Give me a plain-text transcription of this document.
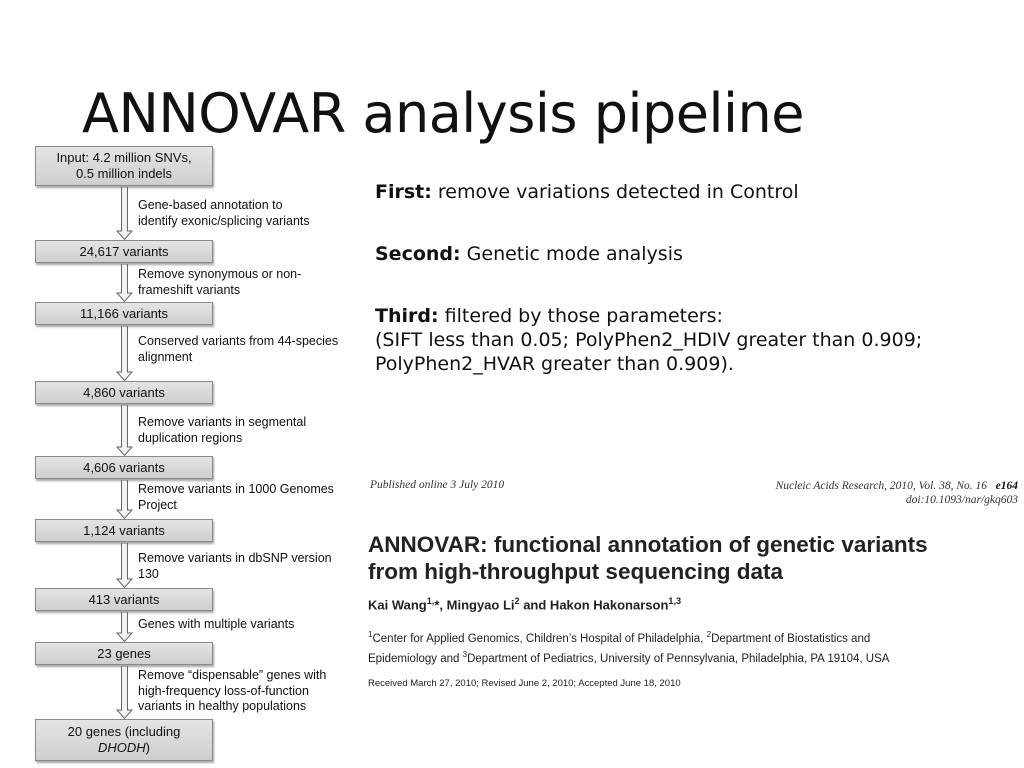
ANNOVAR analysis pipeline
Input: 4.2 million SNVs,
0.5 million indels
Gene-based annotation to
identify exonic/splicing variants
24,617 variants
Remove synonymous or non-
frameshift variants
11,166 variants
Conserved variants from 44-species
alignment
4,860 variants
Remove variants in segmental
duplication regions
4,606 variants
Remove variants in 1000 Genomes
Project
1,124 variants
Remove variants in dbSNP version
130
413 variants
Genes with multiple variants
23 genes
Remove “dispensable” genes with
high-frequency loss-of-function
variants in healthy populations
20 genes (including
DHODH)

First: remove variations detected in Control

Second: Genetic mode analysis

Third: filtered by those parameters:

(SIFT less than 0.05; PolyPhen2_HDIV greater than 0.909;

PolyPhen2_HVAR greater than 0.909).

Published online 3 July 2010	Nucleic Acids Research, 2010, Vol. 38, No. 16 e164
doi:10.1093/nar/gkq603
ANNOVAR: functional annotation of genetic variants
from high-throughput sequencing data
Kai Wang$^{1,}$*, Mingyao Li$^2$ and Hakon Hakonarson$^{1,3}$
$^1$Center for Applied Genomics, Children’s Hospital of Philadelphia, $^2$Department of Biostatistics and
Epidemiology and $^3$Department of Pediatrics, University of Pennsylvania, Philadelphia, PA 19104, USA
Received March 27, 2010; Revised June 2, 2010; Accepted June 18, 2010
